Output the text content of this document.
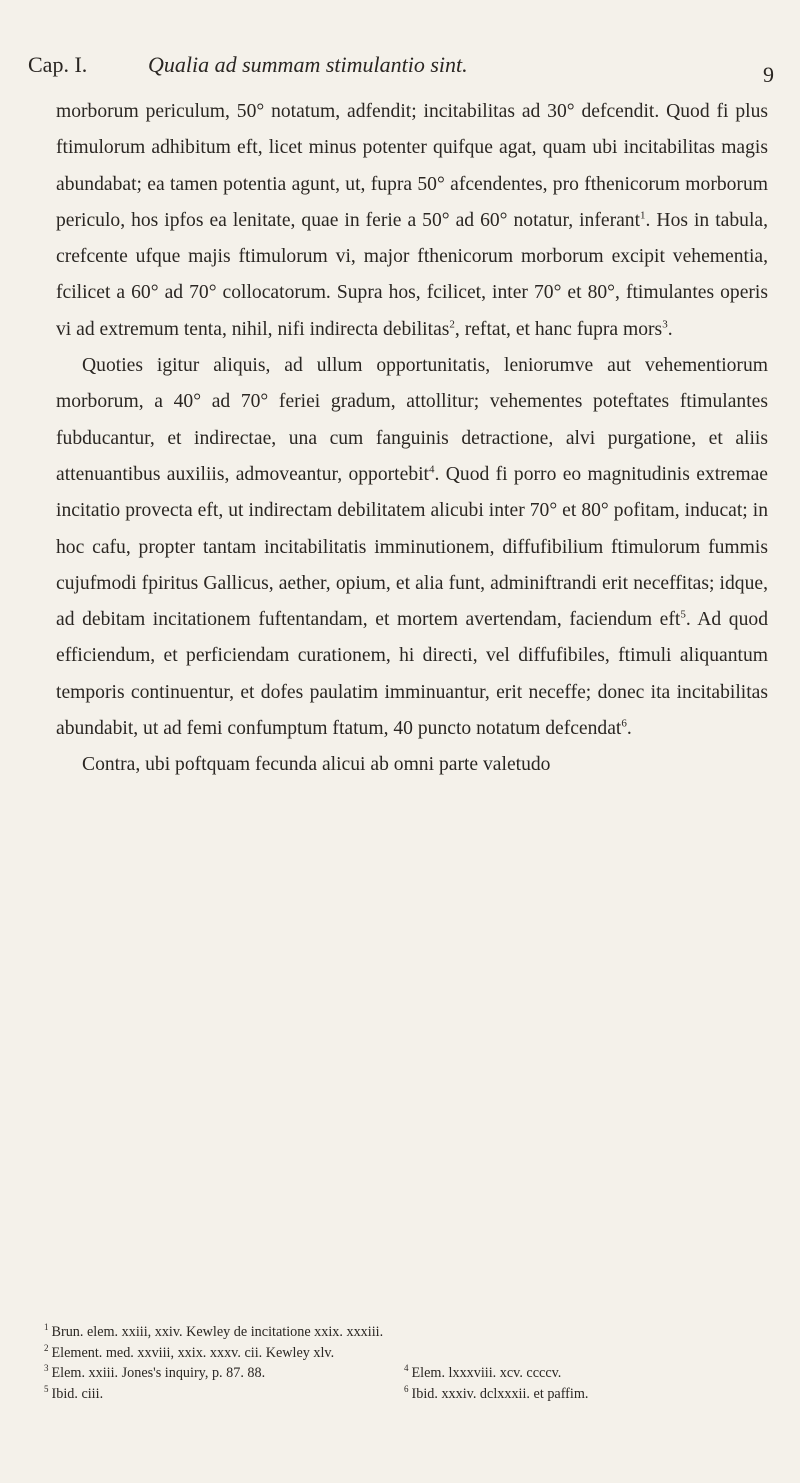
Cap. I.	Qualia ad summam stimulantio sint.	9

morborum periculum, 50° notatum, adfendit; incitabilitas ad 30° defcendit. Quod fi plus ftimulorum adhibitum eft, licet minus potenter quifque agat, quam ubi incitabilitas magis abundabat; ea tamen potentia agunt, ut, fupra 50° afcendentes, pro fthenicorum morborum periculo, hos ipfos ea lenitate, quae in ferie a 50° ad 60° notatur, inferant$^1$. Hos in tabula, crefcente ufque majis ftimulorum vi, major fthenicorum morborum excipit vehementia, fcilicet a 60° ad 70° collocatorum. Supra hos, fcilicet, inter 70° et 80°, ftimulantes operis vi ad extremum tenta, nihil, nifi indirecta debilitas$^2$, reftat, et hanc fupra mors$^3$.

Quoties igitur aliquis, ad ullum opportunitatis, leniorumve aut vehementiorum morborum, a 40° ad 70° feriei gradum, attollitur; vehementes poteftates ftimulantes fubducantur, et indirectae, una cum fanguinis detractione, alvi purgatione, et aliis attenuantibus auxiliis, admoveantur, opportebit$^4$. Quod fi porro eo magnitudinis extremae incitatio provecta eft, ut indirectam debilitatem alicubi inter 70° et 80° pofitam, inducat; in hoc cafu, propter tantam incitabilitatis imminutionem, diffufibilium ftimulorum fummis cujufmodi fpiritus Gallicus, aether, opium, et alia funt, adminiftrandi erit neceffitas; idque, ad debitam incitationem fuftentandam, et mortem avertendam, faciendum eft$^5$. Ad quod efficiendum, et perficiendam curationem, hi directi, vel diffufibiles, ftimuli aliquantum temporis continuentur, et dofes paulatim imminuantur, erit neceffe; donec ita incitabilitas abundabit, ut ad femi confumptum ftatum, 40 puncto notatum defcendat$^6$.

Contra, ubi poftquam fecunda alicui ab omni parte valetudo

$^1$ Brun. elem. xxiii, xxiv. Kewley de incitatione xxix. xxxiii.
$^2$ Element. med. xxviii, xxix. xxxv. cii. Kewley xlv.
$^3$ Elem. xxiii. Jones's inquiry, p. 87. 88.	$^4$ Elem. lxxxviii. xcv. ccccv.
$^5$ Ibid. ciii.	$^6$ Ibid. xxxiv. dclxxxii. et paffim.
